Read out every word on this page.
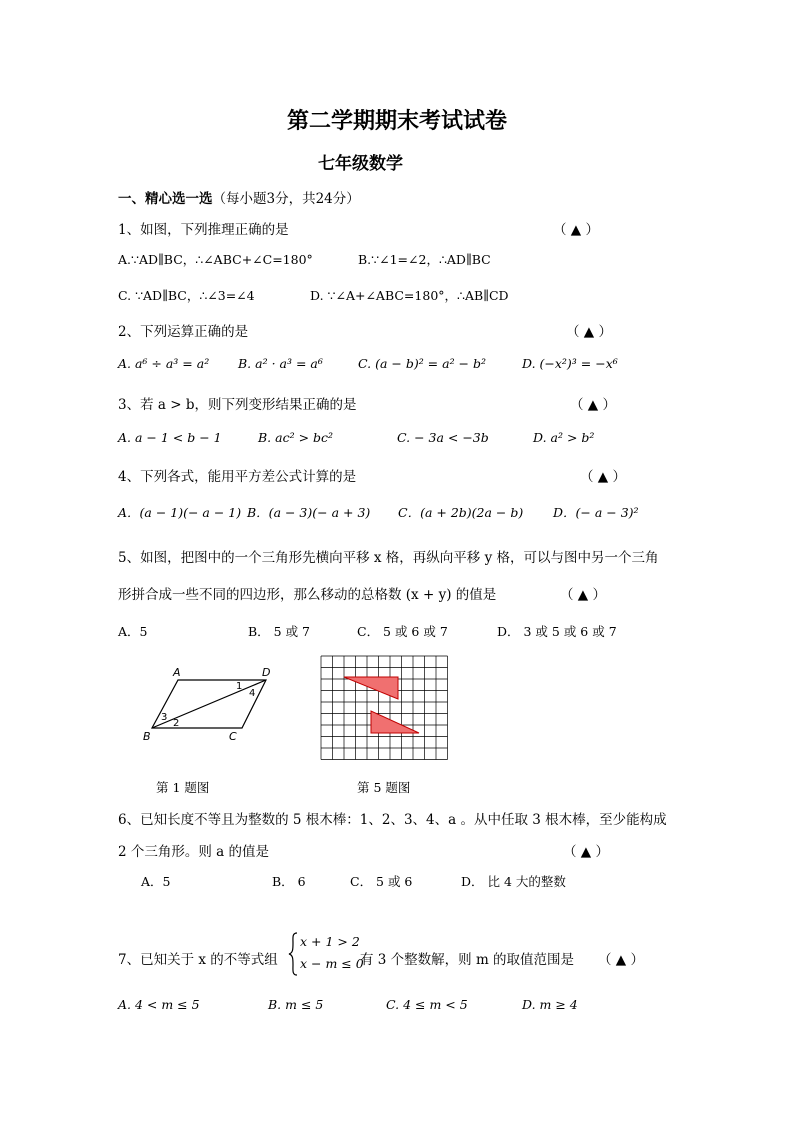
第二学期期末考试试卷
七年级数学
一、精心选一选（每小题3分，共24分）
1、如图，下列推理正确的是	（ ▲ ）
A.∵AD∥BC，∴∠ABC+∠C=180°	B.∵∠1=∠2，∴AD∥BC
C. ∵AD∥BC，∴∠3=∠4	D. ∵∠A+∠ABC=180°，∴AB∥CD
2、下列运算正确的是	（ ▲ ）
A. a⁶ ÷ a³ = a² B. a² · a³ = a⁶	C. (a − b)² = a² − b²	D. (−x²)³ = −x⁶
3、若 a > b，则下列变形结果正确的是	（ ▲ ）
A. a − 1 < b − 1	B. ac² > bc²	C. − 3a < −3b	D. a² > b²
4、下列各式，能用平方差公式计算的是	（ ▲ ）
A．(a − 1)(− a − 1) B．(a − 3)(− a + 3) C．(a + 2b)(2a − b) D．(− a − 3)²
5、如图，把图中的一个三角形先横向平移 x 格，再纵向平移 y 格，可以与图中另一个三角
形拼合成一些不同的四边形，那么移动的总格数 (x + y) 的值是	（ ▲ ）
A．5	B． 5 或 7	C． 5 或 6 或 7	D． 3 或 5 或 6 或 7
A	D
B	C
1
4
3
2
第 1 题图	第 5 题图
6、已知长度不等且为整数的 5 根木棒：1、2、3、4、a 。从中任取 3 根木棒，至少能构成
2 个三角形。则 a 的值是	（ ▲ ）
A．5	B． 6	C． 5 或 6	D． 比 4 大的整数
7、已知关于 x 的不等式组
x + 1 > 2
x − m ≤ 0
有 3 个整数解，则 m 的取值范围是 （ ▲ ）
A. 4 < m ≤ 5	B. m ≤ 5	C. 4 ≤ m < 5	D. m ≥ 4
